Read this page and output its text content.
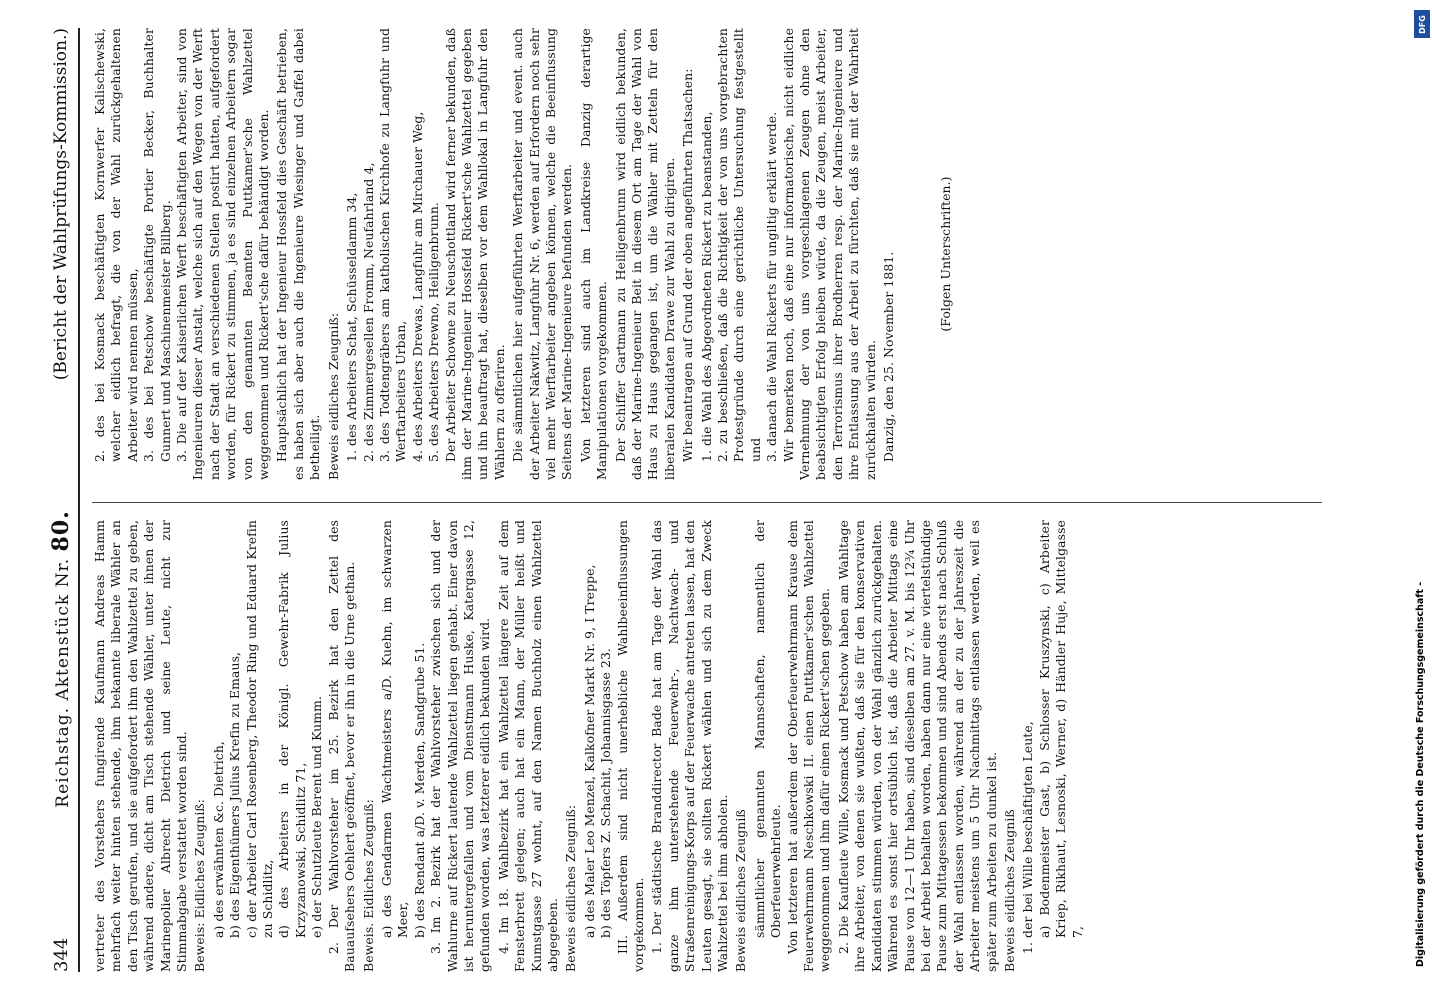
344
Reichstag. Aktenstück Nr. 80.
(Bericht der Wahlprüfungs-Kommission.)
vertreter des Vorstehers fungirende Kaufmann Andreas Hamm mehrfach weiter hinten stehende, ihm bekannte liberale Wähler an den Tisch gerufen, und sie aufgefordert ihm den Wahlzettel zu geben, während andere, dicht am Tisch stehende Wähler, unter ihnen der Marinepolier Albrecht Dietrich und seine Leute, nicht zur Stimmabgabe verstattet worden sind. Beweis: Eidliches Zeugniß: a) des erwähnten &c. Dietrich, b) des Eigenthümers Julius Krefin zu Emaus, c) der Arbeiter Carl Rosenberg, Theodor Ring und Eduard Krefin zu Schidlitz, d) des Arbeiters in der Königl. Gewehr-Fabrik Julius Krzyzanowski, Schidlitz 71, e) der Schutzleute Berent und Kumm. 2. Der Wahlvorsteher im 25. Bezirk hat den Zettel des Bauaufsehers Oehlert geöffnet, bevor er ihn in die Urne gethan. Beweis. Eidliches Zeugniß: a) des Gendarmen Wachtmeisters a/D. Kuehn, im schwarzen Meer, b) des Rendant a/D. v. Merden, Sandgrube 51. 3. Im 2. Bezirk hat der Wahlvorsteher zwischen sich und der Wahlurne auf Rickert lautende Wahlzettel liegen gehabt. Einer davon ist heruntergefallen und vom Dienstmann Huske, Katergasse 12, gefunden worden, was letzterer eidlich bekunden wird. 4. Im 18. Wahlbezirk hat ein Wahlzettel längere Zeit auf dem Fensterbrett gelegen; auch hat ein Mann, der Müller heißt und Kumstgasse 27 wohnt, auf den Namen Buchholz einen Wahlzettel abgegeben. Beweis eidliches Zeugniß: a) des Maler Leo Menzel, Kalkofner Markt Nr. 9, I Treppe, b) des Töpfers Z. Schachit, Johannisgasse 23. III. Außerdem sind nicht unerhebliche Wahlbeeinflussungen vorgekommen. 1. Der städtische Branddirector Bade hat am Tage der Wahl das ganze ihm unterstehende Feuerwehr-, Nachtwach- und Straßenreinigungs-Korps auf der Feuerwache antreten lassen, hat den Leuten gesagt, sie sollten Rickert wählen und sich zu dem Zweck Wahlzettel bei ihm abholen. Beweis eidliches Zeugniß sämmtlicher genannten Mannschaften, namentlich der Oberfeuerwehrleute. Von letzteren hat außerdem der Oberfeuerwehrmann Krause dem Feuerwehrmann Neschkowski II. einen Puttkamer'schen Wahlzettel weggenommen und ihm dafür einen Rickert'schen gegeben. 2. Die Kaufleute Wille, Kosmack und Petschow haben am Wahltage ihre Arbeiter, von denen sie wußten, daß sie für den konservativen Kandidaten stimmen würden, von der Wahl gänzlich zurückgehalten. Während es sonst hier ortsüblich ist, daß die Arbeiter Mittags eine Pause von 12—1 Uhr haben, sind dieselben am 27. v. M. bis 12¾ Uhr bei der Arbeit behalten worden, haben dann nur eine viertelstündige Pause zum Mittagessen bekommen und sind Abends erst nach Schluß der Wahl entlassen worden, während an der zu der Jahreszeit die Arbeiter meistens um 5 Uhr Nachmittags entlassen werden, weil es später zum Arbeiten zu dunkel ist. Beweis eidliches Zeugniß 1. der bei Wille beschäftigten Leute, a) Bodenmeister Gast, b) Schlosser Kruszynski, c) Arbeiter Kriep, Rikhaut, Lesnoski, Werner, d) Händler Huje, Mittelgasse 7,
2. des bei Kosmack beschäftigten Kornwerfer Kalischewski, welcher eidlich befragt, die von der Wahl zurückgehaltenen Arbeiter wird nennen müssen, 3. des bei Petschow beschäftigte Portier Becker, Buchhalter Gunnert und Maschinenmeister Billberg. 3. Die auf der Kaiserlichen Werft beschäftigten Arbeiter, sind von Ingenieuren dieser Anstalt, welche sich auf den Wegen von der Werft nach der Stadt an verschiedenen Stellen postirt hatten, aufgefordert worden, für Rickert zu stimmen, ja es sind einzelnen Arbeitern sogar von den genannten Beamten Puttkamer'sche Wahlzettel weggenommen und Rickert'sche dafür behändigt worden. Hauptsächlich hat der Ingenieur Hossfeld dies Geschäft betrieben, es haben sich aber auch die Ingenieure Wiesinger und Gaffel dabei betheiligt. Beweis eidliches Zeugniß: 1. des Arbeiters Schat, Schüsseldamm 34, 2. des Zimmergesellen Fromm, Neufahrland 4, 3. des Todtengräbers am katholischen Kirchhofe zu Langfuhr und Werftarbeiters Urban, 4. des Arbeiters Drewas, Langfuhr am Mirchauer Weg, 5. des Arbeiters Drewno, Heiligenbrunn. Der Arbeiter Schowne zu Neuschottland wird ferner bekunden, daß ihm der Marine-Ingenieur Hossfeld Rickert'sche Wahlzettel gegeben und ihn beauftragt hat, dieselben vor dem Wahllokal in Langfuhr den Wählern zu offeriren. Die sämmtlichen hier aufgeführten Werftarbeiter und event. auch der Arbeiter Nakwitz, Langfuhr Nr. 6, werden auf Erfordern noch sehr viel mehr Werftarbeiter angeben können, welche die Beeinflussung Seitens der Marine-Ingenieure befunden werden. Von letzteren sind auch im Landkreise Danzig derartige Manipulationen vorgekommen. Der Schiffer Gartmann zu Heiligenbrunn wird eidlich bekunden, daß der Marine-Ingenieur Beit in diesem Ort am Tage der Wahl von Haus zu Haus gegangen ist, um die Wähler mit Zetteln für den liberalen Kandidaten Drawe zur Wahl zu dirigiren. Wir beantragen auf Grund der oben angeführten Thatsachen: 1. die Wahl des Abgeordneten Rickert zu beanstanden, 2. zu beschließen, daß die Richtigkeit der von uns vorgebrachten Protestgründe durch eine gerichtliche Untersuchung festgestellt und 3. danach die Wahl Rickerts für ungiltig erklärt werde. Wir bemerken noch, daß eine nur informatorische, nicht eidliche Vernehmung der von uns vorgeschlagenen Zeugen ohne den beabsichtigten Erfolg bleiben würde, da die Zeugen, meist Arbeiter, den Terrorismus ihrer Brodherren resp. der Marine-Ingenieure und ihre Entlassung aus der Arbeit zu fürchten, daß sie mit der Wahrheit zurückhalten würden. Danzig, den 25. November 1881.	(Folgen Unterschriften.)
Digitalisierung gefördert durch die Deutsche Forschungsgemeinschaft -
DFG
